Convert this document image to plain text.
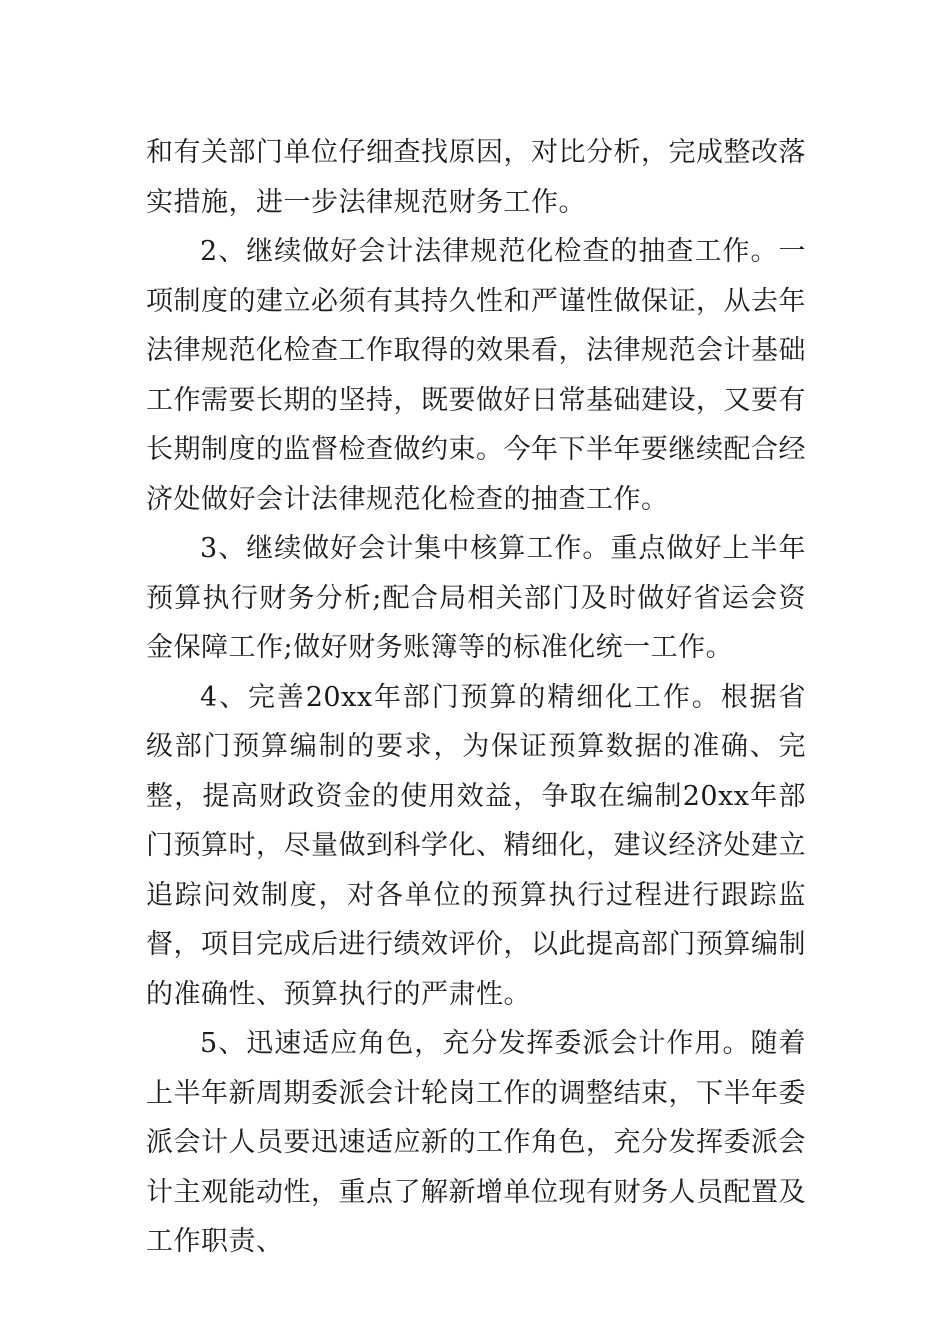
和有关部门单位仔细查找原因，对比分析，完成整改落实措施，进一步法律规范财务工作。

2、继续做好会计法律规范化检查的抽查工作。一项制度的建立必须有其持久性和严谨性做保证，从去年法律规范化检查工作取得的效果看，法律规范会计基础工作需要长期的坚持，既要做好日常基础建设，又要有长期制度的监督检查做约束。今年下半年要继续配合经济处做好会计法律规范化检查的抽查工作。

3、继续做好会计集中核算工作。重点做好上半年预算执行财务分析;配合局相关部门及时做好省运会资金保障工作;做好财务账簿等的标准化统一工作。

4、完善20xx年部门预算的精细化工作。根据省级部门预算编制的要求，为保证预算数据的准确、完整，提高财政资金的使用效益，争取在编制20xx年部门预算时，尽量做到科学化、精细化，建议经济处建立追踪问效制度，对各单位的预算执行过程进行跟踪监督，项目完成后进行绩效评价，以此提高部门预算编制的准确性、预算执行的严肃性。

5、迅速适应角色，充分发挥委派会计作用。随着上半年新周期委派会计轮岗工作的调整结束，下半年委派会计人员要迅速适应新的工作角色，充分发挥委派会计主观能动性，重点了解新增单位现有财务人员配置及工作职责、
